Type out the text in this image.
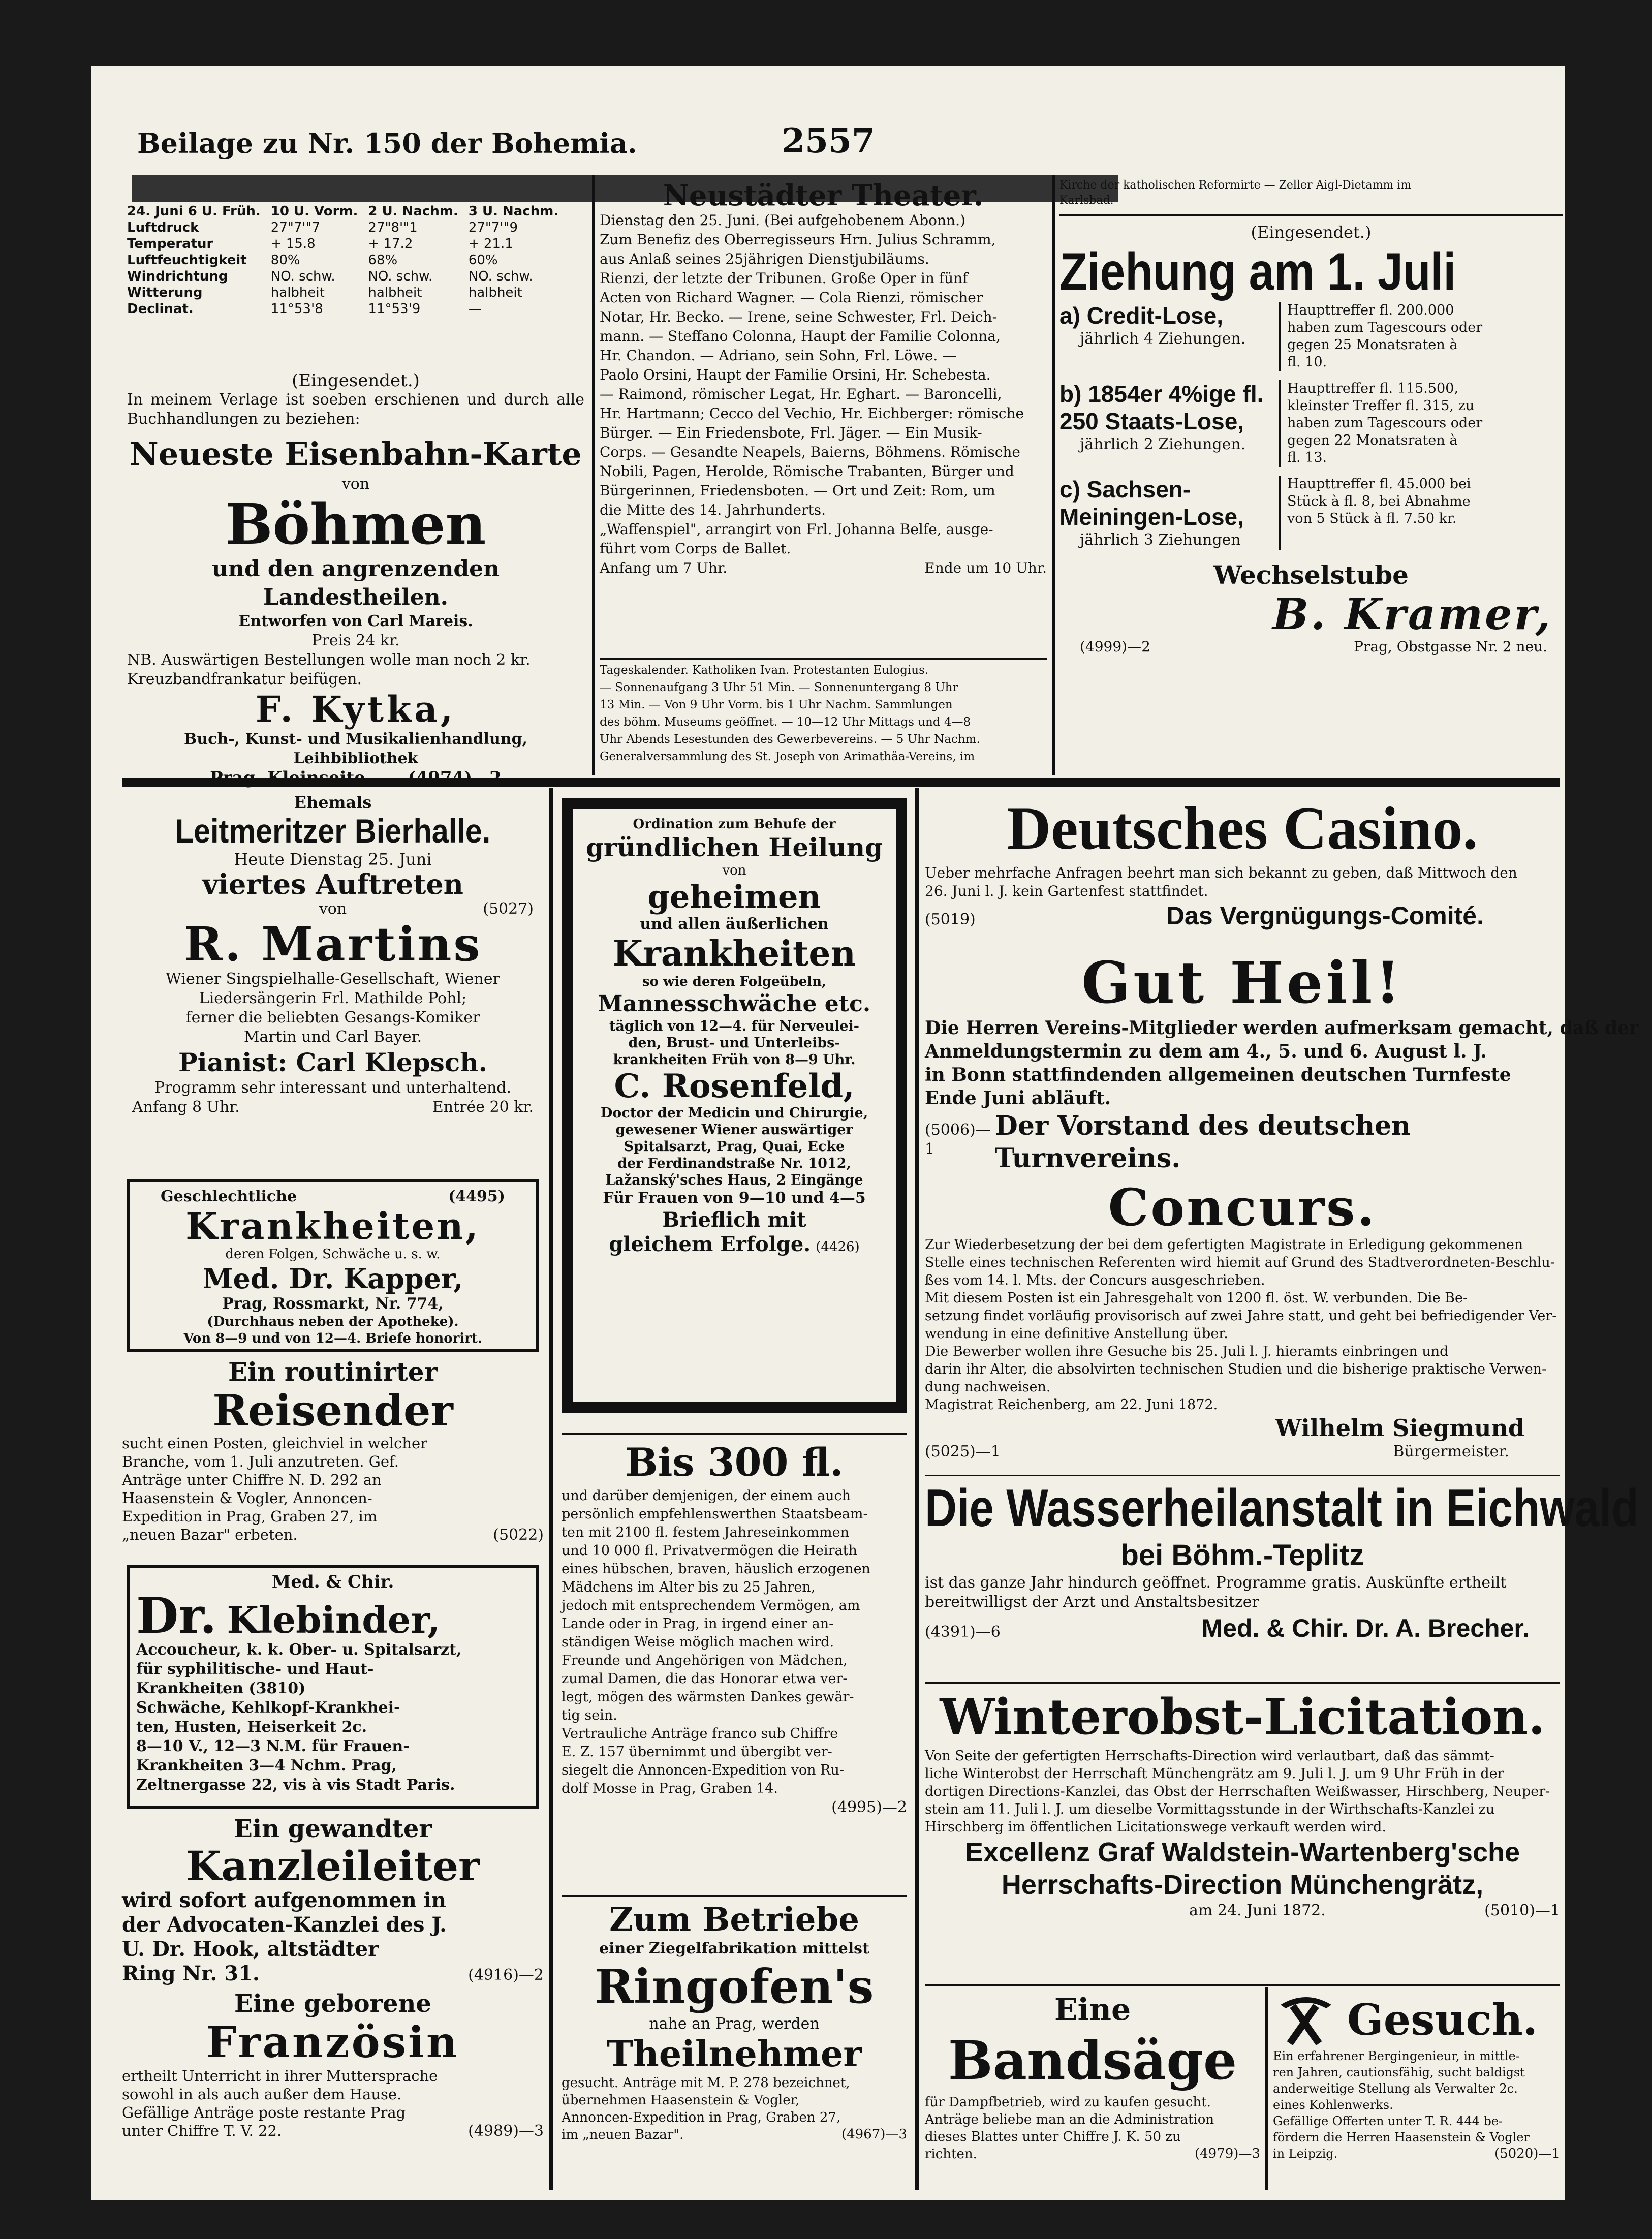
Beilage zu Nr. 150 der Bohemia.	2557
24. Juni 6 U. Früh.	10 U. Vorm.	2 U. Nachm.	3 U. Nachm.
Luftdruck	27"7'"7	27"8'"1	27"7'"9
Temperatur	+ 15.8	+ 17.2	+ 21.1
Luftfeuchtigkeit	80%	68%	60%
Windrichtung	NO. schw.	NO. schw.	NO. schw.
Witterung	halbheit	halbheit	halbheit
Declinat.	11°53'8	11°53'9	—
(Eingesendet.)
In meinem Verlage ist soeben erschienen und durch alle Buchhandlungen zu beziehen:
Neueste Eisenbahn-Karte
von
Böhmen
und den angrenzenden Landestheilen.
Entworfen von Carl Mareis.
Preis 24 kr.
NB. Auswärtigen Bestellungen wolle man noch 2 kr. Kreuzbandfrankatur beifügen.
F. Kytka,
Buch-, Kunst- und Musikalienhandlung, Leihbibliothek
Neustädter Theater.
Dienstag den 25. Juni. (Bei aufgehobenem Abonn.)
Zum Benefiz des Oberregisseurs Hrn. Julius Schramm,
aus Anlaß seines 25jährigen Dienstjubiläums.
Rienzi, der letzte der Tribunen. Große Oper in fünf
Acten von Richard Wagner. — Cola Rienzi, römischer
Notar, Hr. Becko. — Irene, seine Schwester, Frl. Deich-
mann. — Steffano Colonna, Haupt der Familie Colonna,
Hr. Chandon. — Adriano, sein Sohn, Frl. Löwe. —
Paolo Orsini, Haupt der Familie Orsini, Hr. Schebesta.
— Raimond, römischer Legat, Hr. Eghart. — Baroncelli,
Hr. Hartmann; Cecco del Vechio, Hr. Eichberger: römische
Bürger. — Ein Friedensbote, Frl. Jäger. — Ein Musik-
Corps. — Gesandte Neapels, Baierns, Böhmens. Römische
Nobili, Pagen, Herolde, Römische Trabanten, Bürger und
Bürgerinnen, Friedensboten. — Ort und Zeit: Rom, um
die Mitte des 14. Jahrhunderts.
„Waffenspiel", arrangirt von Frl. Johanna Belfe, ausge-
führt vom Corps de Ballet.
Anfang um 7 Uhr.	Ende um 10 Uhr.
Tageskalender. Katholiken Ivan. Protestanten Eulogius.
— Sonnenaufgang 3 Uhr 51 Min. — Sonnenuntergang 8 Uhr
13 Min. — Von 9 Uhr Vorm. bis 1 Uhr Nachm. Sammlungen
des böhm. Museums geöffnet. — 10—12 Uhr Mittags und 4—8
Uhr Abends Lesestunden des Gewerbevereins. — 5 Uhr Nachm.
Generalversammlung des St. Joseph von Arimathäa-Vereins, im
Kirche der katholischen Reformirte — Zeller Aigl-Dietamm im
Karlsbad.
(Eingesendet.)
Ziehung am 1. Juli
a) Credit-Lose,
jährlich 4 Ziehungen.
Haupttreffer fl. 200.000
haben zum Tagescours oder
gegen 25 Monatsraten à
fl. 10.
b) 1854er 4%ige fl. 250 Staats-Lose,
jährlich 2 Ziehungen.
Haupttreffer fl. 115.500,
kleinster Treffer fl. 315, zu
haben zum Tagescours oder
gegen 22 Monatsraten à
fl. 13.
c) Sachsen-Meiningen-Lose,
jährlich 3 Ziehungen
Haupttreffer fl. 45.000 bei
Stück à fl. 8, bei Abnahme
von 5 Stück à fl. 7.50 kr.
Wechselstube
B. Kramer,
(4999)—2	Prag, Obstgasse Nr. 2 neu.
Ehemals
Leitmeritzer Bierhalle.
Heute Dienstag 25. Juni
viertes Auftreten
von	(5027)
R. Martins
Wiener Singspielhalle-Gesellschaft, Wiener
Liedersängerin Frl. Mathilde Pohl;
ferner die beliebten Gesangs-Komiker
Martin und Carl Bayer.
Pianist: Carl Klepsch.
Programm sehr interessant und unterhaltend.
Anfang 8 Uhr.	Entrée 20 kr.
Geschlechtliche	(4495)
Krankheiten,
deren Folgen, Schwäche u. s. w.
Med. Dr. Kapper,
Prag, Rossmarkt, Nr. 774,
(Durchhaus neben der Apotheke).
Von 8—9 und von 12—4. Briefe honorirt.
Ein routinirter
Reisender
sucht einen Posten, gleichviel in welcher
Branche, vom 1. Juli anzutreten. Gef.
Anträge unter Chiffre N. D. 292 an
Haasenstein & Vogler, Annoncen-
Expedition in Prag, Graben 27, im
„neuen Bazar" erbeten.	(5022)
Med. & Chir.
Dr. Klebinder,
Accoucheur, k. k. Ober- u. Spitalsarzt,
für syphilitische- und Haut-
Krankheiten (3810)
Schwäche, Kehlkopf-Krankhei-
ten, Husten, Heiserkeit 2c.
8—10 V., 12—3 N.M. für Frauen-
Krankheiten 3—4 Nchm. Prag,
Zeltnergasse 22, vis à vis Stadt Paris.
Ein gewandter
Kanzleileiter
wird sofort aufgenommen in
der Advocaten-Kanzlei des J.
U. Dr. Hook, altstädter
Ring Nr. 31.	(4916)—2
Eine geborene
Französin
ertheilt Unterricht in ihrer Muttersprache
sowohl in als auch außer dem Hause.
Gefällige Anträge poste restante Prag
unter Chiffre T. V. 22.	(4989)—3
Ordination zum Behufe der
gründlichen Heilung
von
geheimen
und allen äußerlichen
Krankheiten
so wie deren Folgeübeln,
Mannesschwäche etc.
täglich von 12—4. für Nerveulei-
den, Brust- und Unterleibs-
krankheiten Früh von 8—9 Uhr.
C. Rosenfeld,
Doctor der Medicin und Chirurgie,
gewesener Wiener auswärtiger
Spitalsarzt, Prag, Quai, Ecke
der Ferdinandstraße Nr. 1012,
Lažanský'sches Haus, 2 Eingänge
Für Frauen von 9—10 und 4—5
Brieflich mit
gleichem Erfolge. (4426)
Bis 300 fl.
und darüber demjenigen, der einem auch
persönlich empfehlenswerthen Staatsbeam-
ten mit 2100 fl. festem Jahreseinkommen
und 10 000 fl. Privatvermögen die Heirath
eines hübschen, braven, häuslich erzogenen
Mädchens im Alter bis zu 25 Jahren,
jedoch mit entsprechendem Vermögen, am
Lande oder in Prag, in irgend einer an-
ständigen Weise möglich machen wird.
Freunde und Angehörigen von Mädchen,
zumal Damen, die das Honorar etwa ver-
legt, mögen des wärmsten Dankes gewär-
tig sein.
Vertrauliche Anträge franco sub Chiffre
E. Z. 157 übernimmt und übergibt ver-
siegelt die Annoncen-Expedition von Ru-
dolf Mosse in Prag, Graben 14.
(4995)—2
Zum Betriebe
einer Ziegelfabrikation mittelst
Ringofen's
nahe an Prag, werden
Theilnehmer
gesucht. Anträge mit M. P. 278 bezeichnet,
übernehmen Haasenstein & Vogler,
Annoncen-Expedition in Prag, Graben 27,
im „neuen Bazar".	(4967)—3
Deutsches Casino.
Ueber mehrfache Anfragen beehrt man sich bekannt zu geben, daß Mittwoch den
26. Juni l. J. kein Gartenfest stattfindet.
(5019)	Das Vergnügungs-Comité.
Gut Heil!
Die Herren Vereins-Mitglieder werden aufmerksam gemacht, daß der
Anmeldungstermin zu dem am 4., 5. und 6. August l. J.
in Bonn stattfindenden allgemeinen deutschen Turnfeste
Ende Juni abläuft.
(5006)—1
Der Vorstand des deutschen Turnvereins.
Concurs.
Zur Wiederbesetzung der bei dem gefertigten Magistrate in Erledigung gekommenen
Stelle eines technischen Referenten wird hiemit auf Grund des Stadtverordneten-Beschlu-
ßes vom 14. l. Mts. der Concurs ausgeschrieben.
Mit diesem Posten ist ein Jahresgehalt von 1200 fl. öst. W. verbunden. Die Be-
setzung findet vorläufig provisorisch auf zwei Jahre statt, und geht bei befriedigender Ver-
wendung in eine definitive Anstellung über.
Die Bewerber wollen ihre Gesuche bis 25. Juli l. J. hieramts einbringen und
darin ihr Alter, die absolvirten technischen Studien und die bisherige praktische Verwen-
dung nachweisen.
Magistrat Reichenberg, am 22. Juni 1872.
Wilhelm Siegmund
(5025)—1	Bürgermeister.
Die Wasserheilanstalt in Eichwald
bei Böhm.-Teplitz
ist das ganze Jahr hindurch geöffnet. Programme gratis. Auskünfte ertheilt
bereitwilligst der Arzt und Anstaltsbesitzer
(4391)—6	Med. & Chir. Dr. A. Brecher.
Winterobst-Licitation.
Von Seite der gefertigten Herrschafts-Direction wird verlautbart, daß das sämmt-
liche Winterobst der Herrschaft Münchengrätz am 9. Juli l. J. um 9 Uhr Früh in der
dortigen Directions-Kanzlei, das Obst der Herrschaften Weißwasser, Hirschberg, Neuper-
stein am 11. Juli l. J. um dieselbe Vormittagsstunde in der Wirthschafts-Kanzlei zu
Hirschberg im öffentlichen Licitationswege verkauft werden wird.
Excellenz Graf Waldstein-Wartenberg'sche
Herrschafts-Direction Münchengrätz,
am 24. Juni 1872.	(5010)—1
Eine
Bandsäge
für Dampfbetrieb, wird zu kaufen gesucht.
Anträge beliebe man an die Administration
dieses Blattes unter Chiffre J. K. 50 zu
richten.	(4979)—3
Gesuch.
Ein erfahrener Bergingenieur, in mittle-
ren Jahren, cautionsfähig, sucht baldigst
anderweitige Stellung als Verwalter 2c.
eines Kohlenwerks.
Gefällige Offerten unter T. R. 444 be-
fördern die Herren Haasenstein & Vogler
in Leipzig.	(5020)—1
